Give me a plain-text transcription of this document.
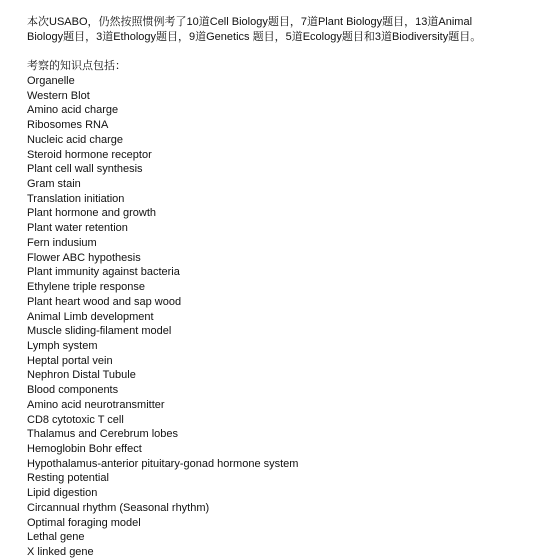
本次USABO，仍然按照惯例考了10道Cell Biology题目，7道Plant Biology题目，13道Animal
Biology题目，3道Ethology题目，9道Genetics 题目，5道Ecology题目和3道Biodiversity题目。

考察的知识点包括：

Organelle
Western Blot
Amino acid charge
Ribosomes RNA
Nucleic acid charge
Steroid hormone receptor
Plant cell wall synthesis
Gram stain
Translation initiation
Plant hormone and growth
Plant water retention
Fern indusium
Flower ABC hypothesis
Plant immunity against bacteria
Ethylene triple response
Plant heart wood and sap wood
Animal Limb development
Muscle sliding-filament model
Lymph system
Heptal portal vein
Nephron Distal Tubule
Blood components
Amino acid neurotransmitter
CD8 cytotoxic T cell
Thalamus and Cerebrum lobes
Hemoglobin Bohr effect
Hypothalamus-anterior pituitary-gonad hormone system
Resting potential
Lipid digestion
Circannual rhythm (Seasonal rhythm)
Optimal foraging model
Lethal gene
X linked gene
